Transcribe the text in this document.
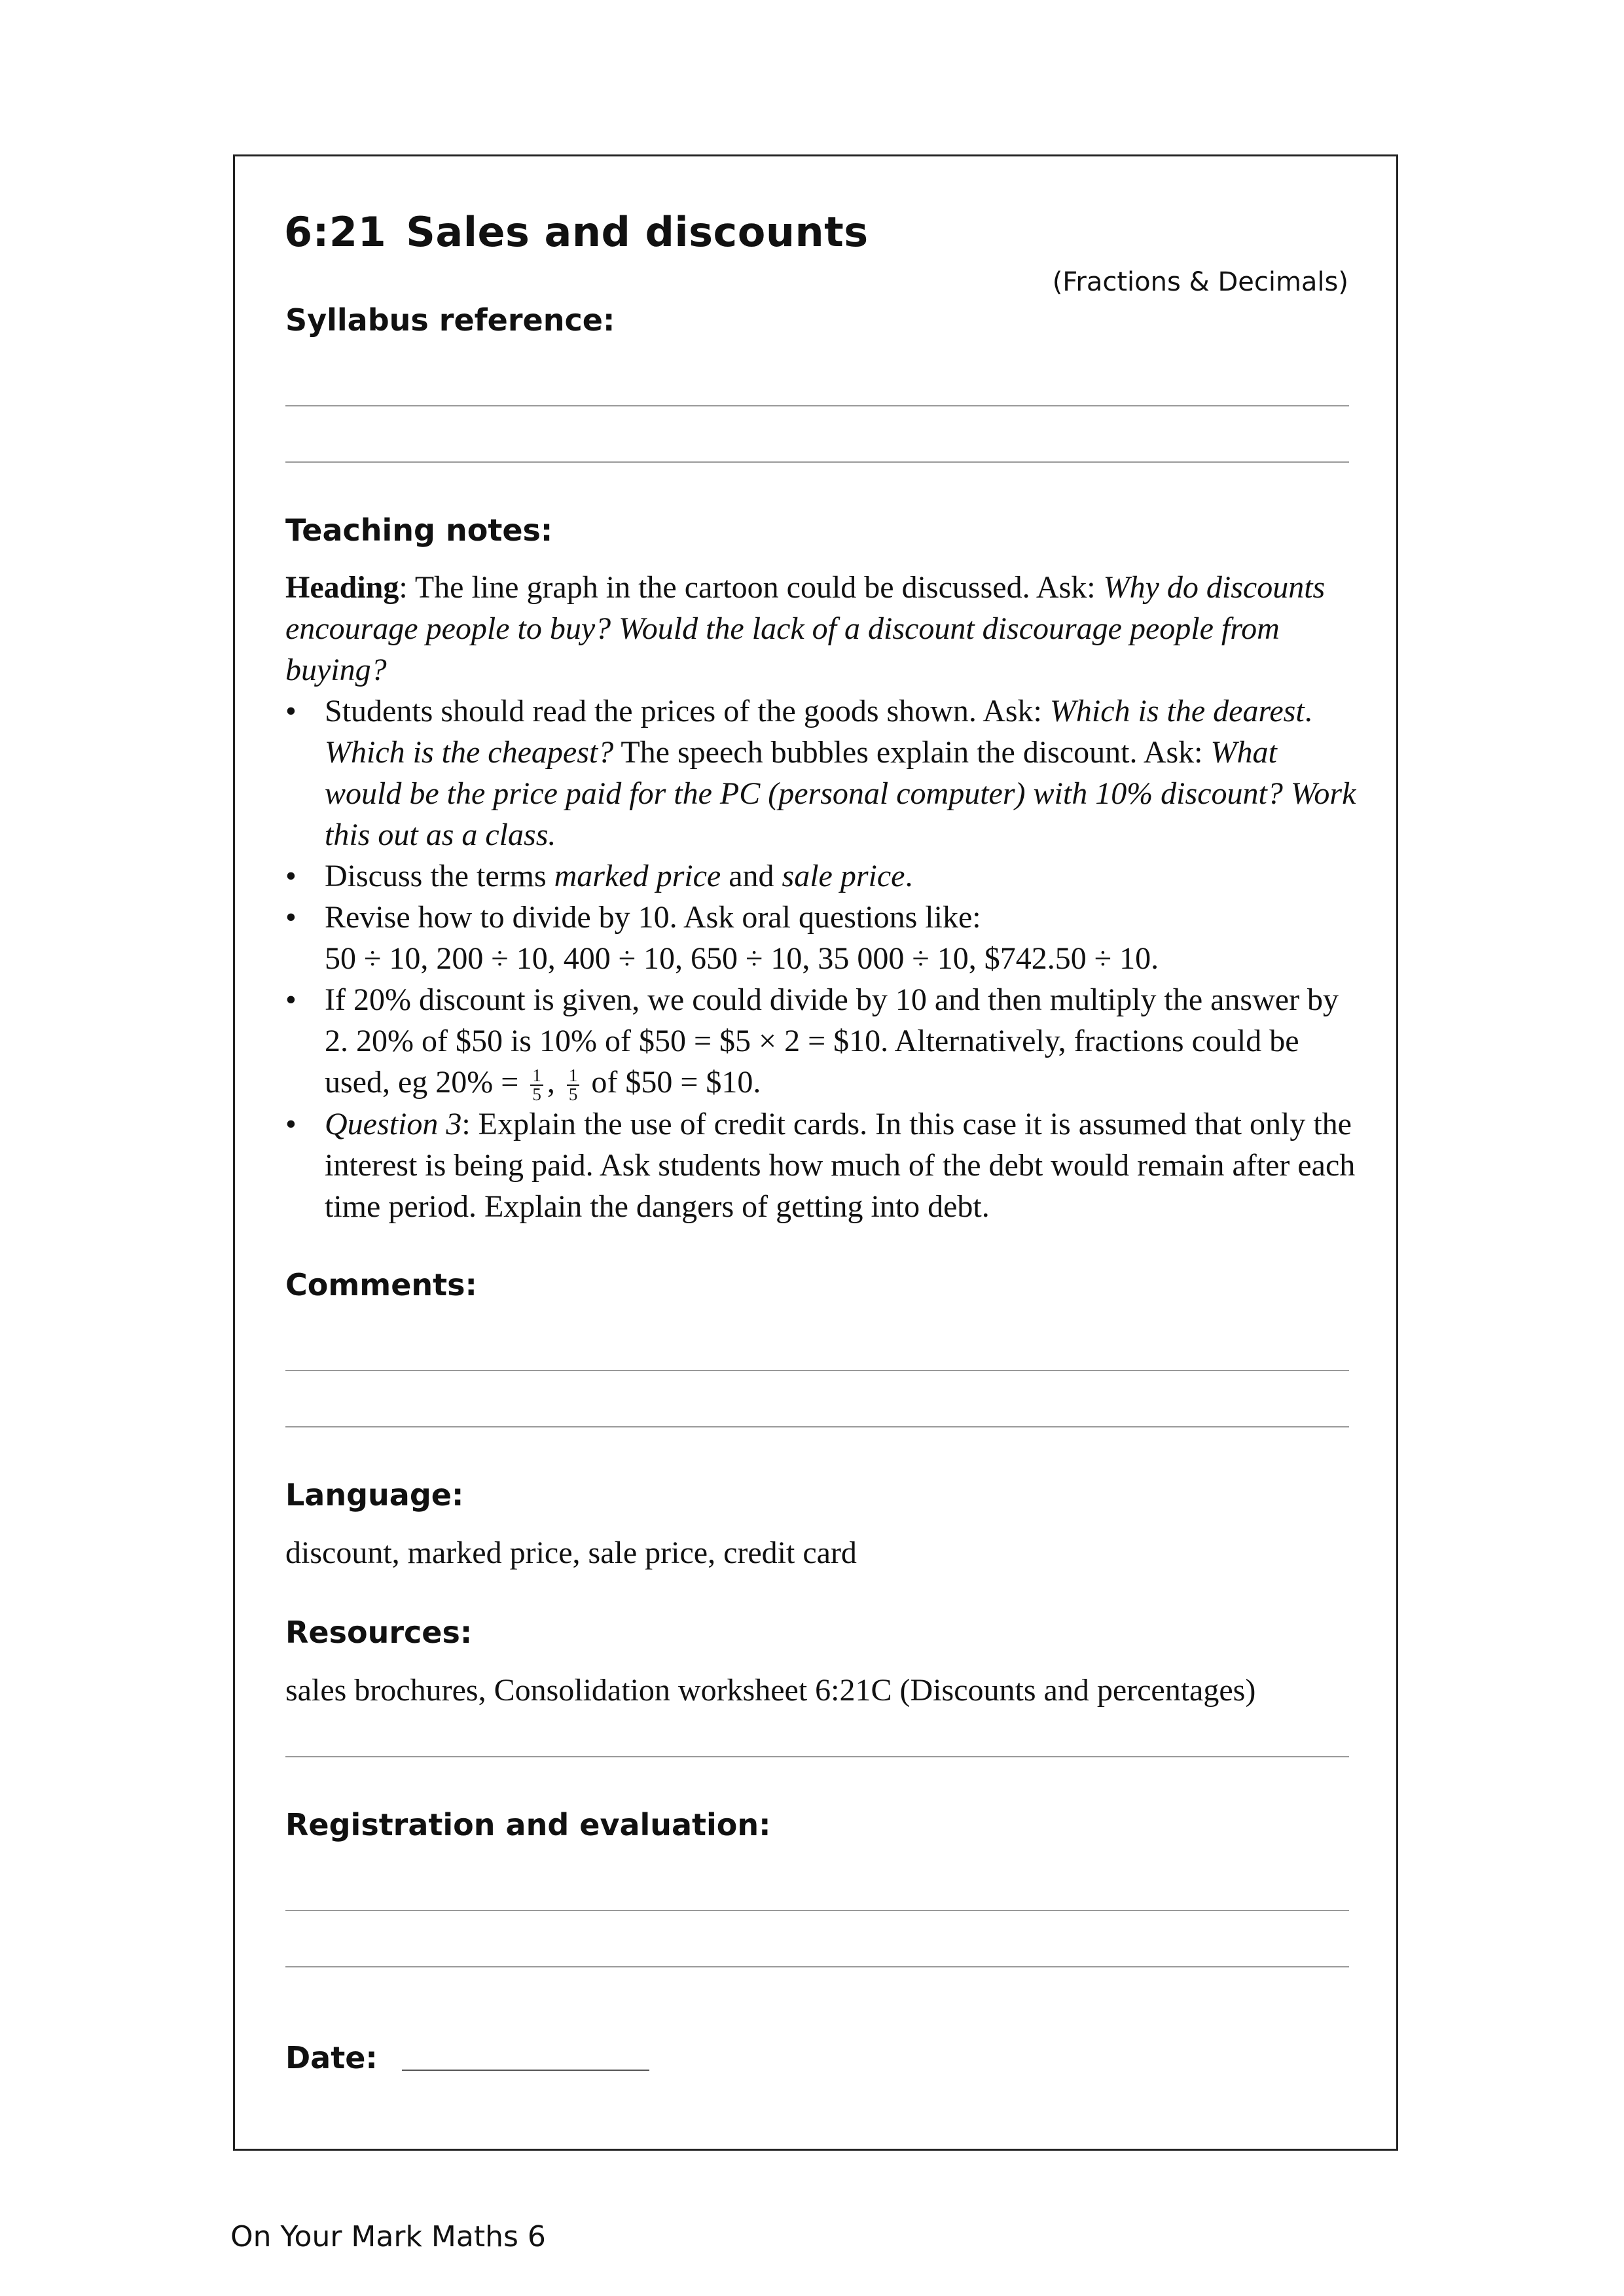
6:21 Sales and discounts
(Fractions & Decimals)
Syllabus reference:
Teaching notes:

Heading: The line graph in the cartoon could be discussed. Ask: Why do discounts encourage people to buy? Would the lack of a discount discourage people from buying?

• Students should read the prices of the goods shown. Ask: Which is the dearest. Which is the cheapest? The speech bubbles explain the discount. Ask: What would be the price paid for the PC (personal computer) with 10% discount? Work this out as a class.
• Discuss the terms marked price and sale price.
• Revise how to divide by 10. Ask oral questions like:
50 ÷ 10, 200 ÷ 10, 400 ÷ 10, 650 ÷ 10, 35 000 ÷ 10, $742.50 ÷ 10.
• If 20% discount is given, we could divide by 10 and then multiply the answer by 2. 20% of $50 is 10% of $50 = $5 × 2 = $10. Alternatively, fractions could be used, eg $20\% = \frac{1}{5}$ , $\frac{1}{5}$ of $50 = $10.
• Question 3: Explain the use of credit cards. In this case it is assumed that only the interest is being paid. Ask students how much of the debt would remain after each time period. Explain the dangers of getting into debt.
Comments:
Language:
discount, marked price, sale price, credit card
Resources:
sales brochures, Consolidation worksheet 6:21C (Discounts and percentages)
Registration and evaluation:
Date:
On Your Mark Maths 6
